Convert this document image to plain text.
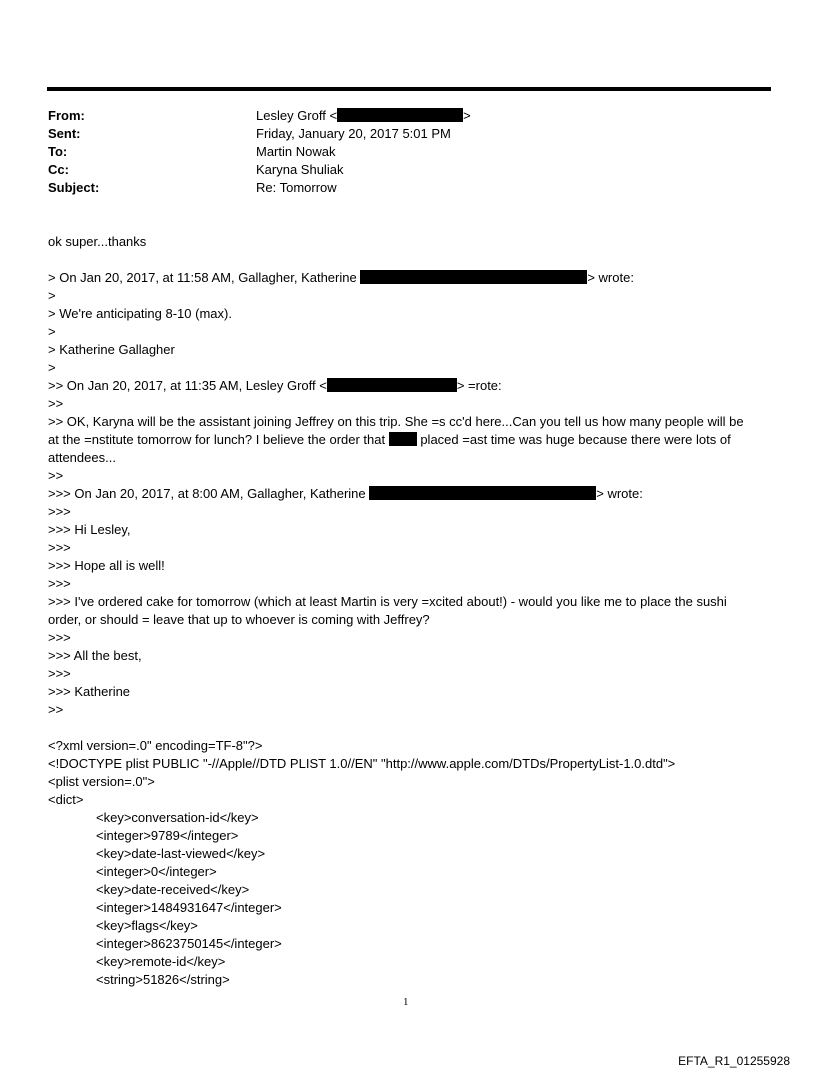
From:	Lesley Groff <	>
Sent:	Friday, January 20, 2017 5:01 PM
To:	Martin Nowak
Cc:	Karyna Shuliak
Subject:	Re: Tomorrow
ok super...thanks
> On Jan 20, 2017, at 11:58 AM, Gallagher, Katherine	> wrote:
>
> We're anticipating 8-10 (max).
>
> Katherine Gallagher
>
>> On Jan 20, 2017, at 11:35 AM, Lesley Groff <	> =rote:
>>
>> OK, Karyna will be the assistant joining Jeffrey on this trip. She =s cc'd here...Can you tell us how many people will be
at the =nstitute tomorrow for lunch? I believe the order that  placed =ast time was huge because there were lots of
attendees...
>>
>>> On Jan 20, 2017, at 8:00 AM, Gallagher, Katherine	> wrote:
>>>
>>> Hi Lesley,
>>>
>>> Hope all is well!
>>>
>>> I've ordered cake for tomorrow (which at least Martin is very =xcited about!) - would you like me to place the sushi
order, or should = leave that up to whoever is coming with Jeffrey?
>>>
>>> All the best,
>>>
>>> Katherine
>>
<?xml version=.0" encoding=TF-8"?>
<!DOCTYPE plist PUBLIC "-//Apple//DTD PLIST 1.0//EN" "http://www.apple.com/DTDs/PropertyList-1.0.dtd">
<plist version=.0">
<dict>
<key>conversation-id</key>
<integer>9789</integer>
<key>date-last-viewed</key>
<integer>0</integer>
<key>date-received</key>
<integer>1484931647</integer>
<key>flags</key>
<integer>8623750145</integer>
<key>remote-id</key>
<string>51826</string>
1
EFTA_R1_01255928
